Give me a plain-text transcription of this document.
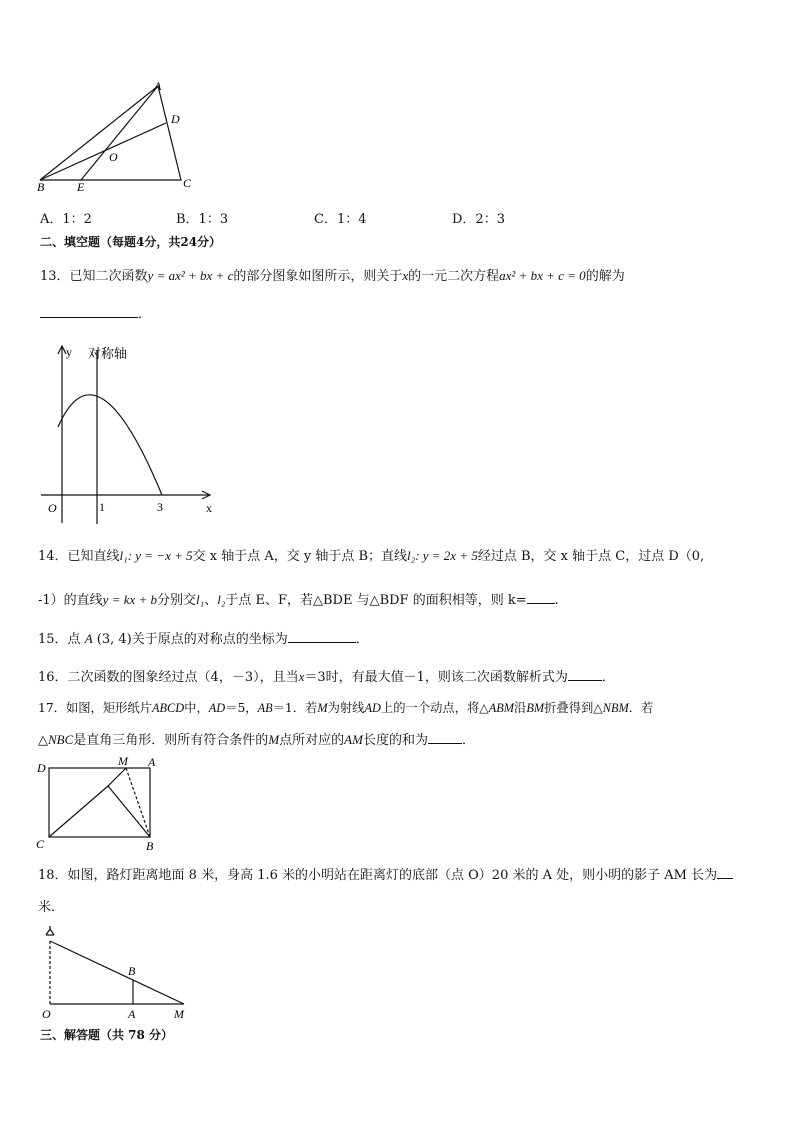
A
D
O
B	E	C
A．1：2	B．1：3	C．1：4	D．2：3
二、填空题（每题4分，共24分）
13．已知二次函数y = ax² + bx + c的部分图象如图所示，则关于x的一元二次方程ax² + bx + c = 0的解为
．
y 对称轴
x
O	1	3
14．已知直线l₁: y = −x + 5交 x 轴于点 A，交 y 轴于点 B；直线l₂: y = 2x + 5经过点 B，交 x 轴于点 C，过点 D（0,
-1）的直线y = kx + b分别交l₁、l₂于点 E、F，若△BDE 与△BDF 的面积相等，则 k= .
15．点 A (3, 4)关于原点的对称点的坐标为	．
16．二次函数的图象经过点（4，－3），且当x＝3时，有最大值－1，则该二次函数解析式为	．
17．如图，矩形纸片ABCD中，AD＝5，AB＝1．若M为射线AD上的一个动点，将△ABM沿BM折叠得到△NBM．若
△NBC是直角三角形．则所有符合条件的M点所对应的AM长度的和为	．
D	M A
C	B
18．如图，路灯距离地面 8 米，身高 1.6 米的小明站在距离灯的底部（点 O）20 米的 A 处，则小明的影子 AM 长为
米．
B
O	A	M
三、解答题（共 78 分）
